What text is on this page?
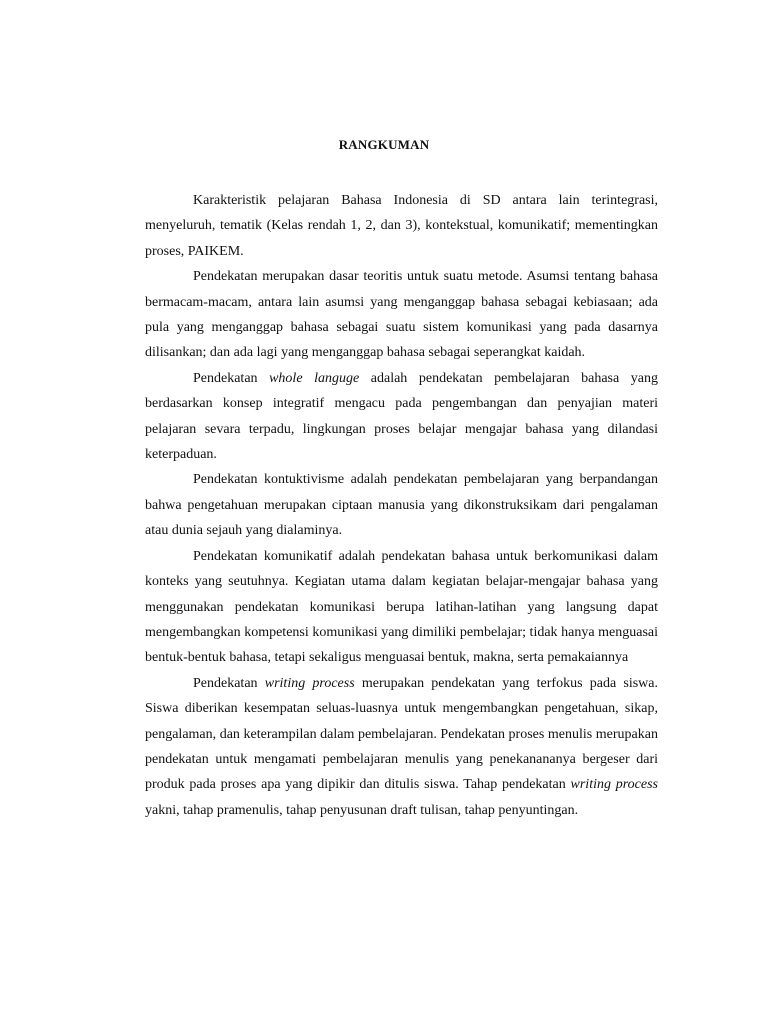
RANGKUMAN

Karakteristik pelajaran Bahasa Indonesia di SD antara lain terintegrasi, menyeluruh, tematik (Kelas rendah 1, 2, dan 3), kontekstual, komunikatif; mementingkan proses, PAIKEM.

Pendekatan merupakan dasar teoritis untuk suatu metode. Asumsi tentang bahasa bermacam-macam, antara lain asumsi yang menganggap bahasa sebagai kebiasaan; ada pula yang menganggap bahasa sebagai suatu sistem komunikasi yang pada dasarnya dilisankan; dan ada lagi yang menganggap bahasa sebagai seperangkat kaidah.

Pendekatan whole languge adalah pendekatan pembelajaran bahasa yang berdasarkan konsep integratif mengacu pada pengembangan dan penyajian materi pelajaran sevara terpadu, lingkungan proses belajar mengajar bahasa yang dilandasi keterpaduan.

Pendekatan kontuktivisme adalah pendekatan pembelajaran yang berpandangan bahwa pengetahuan merupakan ciptaan manusia yang dikonstruksikam dari pengalaman atau dunia sejauh yang dialaminya.

Pendekatan komunikatif adalah pendekatan bahasa untuk berkomunikasi dalam konteks yang seutuhnya. Kegiatan utama dalam kegiatan belajar-mengajar bahasa yang menggunakan pendekatan komunikasi berupa latihan-latihan yang langsung dapat mengembangkan kompetensi komunikasi yang dimiliki pembelajar; tidak hanya menguasai bentuk-bentuk bahasa, tetapi sekaligus menguasai bentuk, makna, serta pemakaiannya

Pendekatan writing process merupakan pendekatan yang terfokus pada siswa. Siswa diberikan kesempatan seluas-luasnya untuk mengembangkan pengetahuan, sikap, pengalaman, dan keterampilan dalam pembelajaran. Pendekatan proses menulis merupakan pendekatan untuk mengamati pembelajaran menulis yang penekanananya bergeser dari produk pada proses apa yang dipikir dan ditulis siswa. Tahap pendekatan writing process yakni, tahap pramenulis, tahap penyusunan draft tulisan, tahap penyuntingan.
